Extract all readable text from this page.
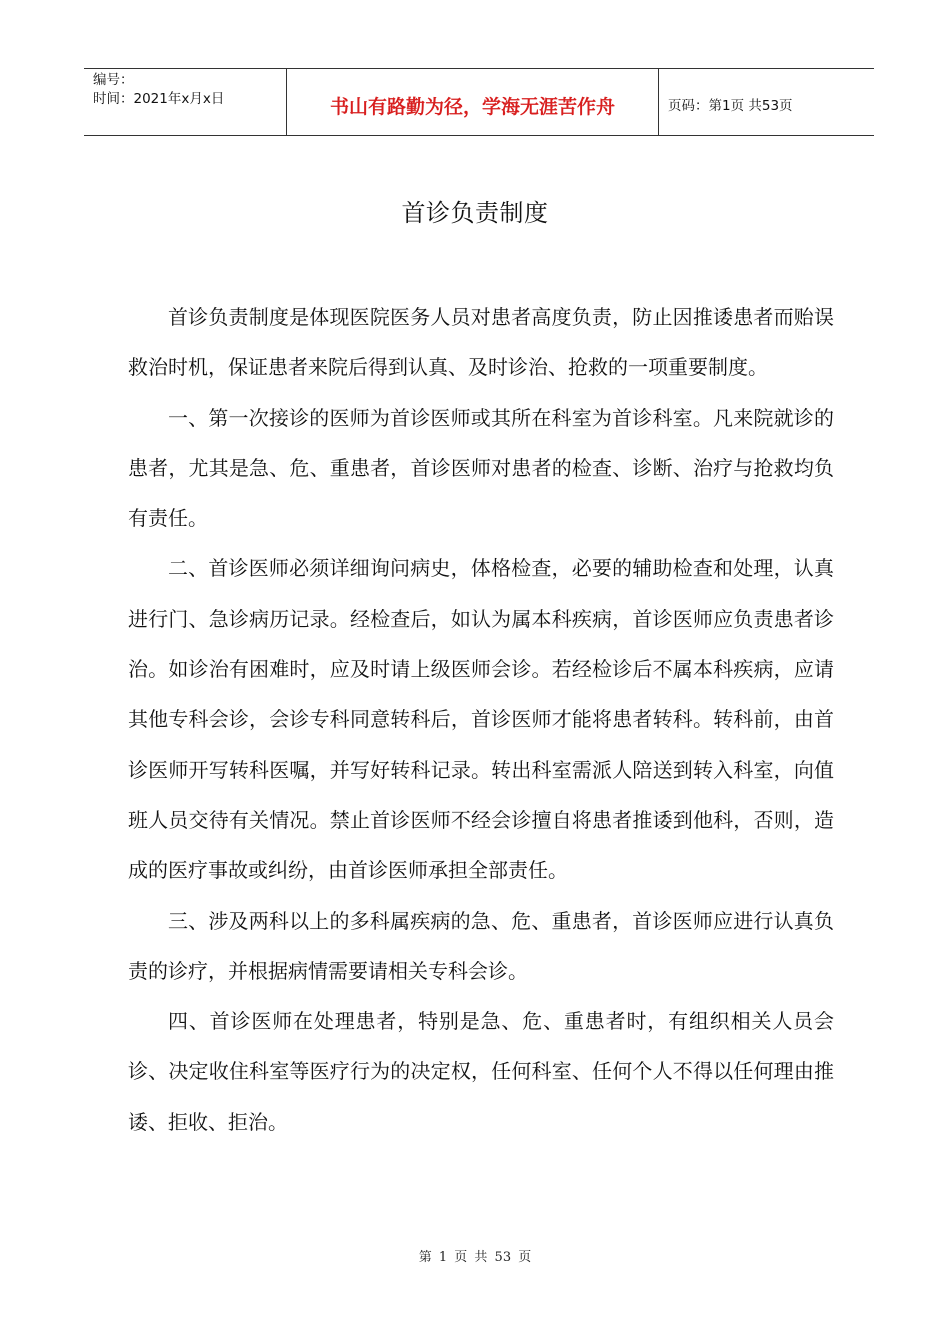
编号：
时间：2021年x月x日	书山有路勤为径，学海无涯苦作舟	页码：第1页 共53页
首诊负责制度

首诊负责制度是体现医院医务人员对患者高度负责，防止因推诿患者而贻误救治时机，保证患者来院后得到认真、及时诊治、抢救的一项重要制度。

一、第一次接诊的医师为首诊医师或其所在科室为首诊科室。凡来院就诊的患者，尤其是急、危、重患者，首诊医师对患者的检查、诊断、治疗与抢救均负有责任。

二、首诊医师必须详细询问病史，体格检查，必要的辅助检查和处理，认真进行门、急诊病历记录。经检查后，如认为属本科疾病，首诊医师应负责患者诊治。如诊治有困难时，应及时请上级医师会诊。若经检诊后不属本科疾病，应请其他专科会诊，会诊专科同意转科后，首诊医师才能将患者转科。转科前，由首诊医师开写转科医嘱，并写好转科记录。转出科室需派人陪送到转入科室，向值班人员交待有关情况。禁止首诊医师不经会诊擅自将患者推诿到他科，否则，造成的医疗事故或纠纷，由首诊医师承担全部责任。

三、涉及两科以上的多科属疾病的急、危、重患者，首诊医师应进行认真负责的诊疗，并根据病情需要请相关专科会诊。

四、首诊医师在处理患者，特别是急、危、重患者时，有组织相关人员会诊、决定收住科室等医疗行为的决定权，任何科室、任何个人不得以任何理由推诿、拒收、拒治。

第 1 页 共 53 页
